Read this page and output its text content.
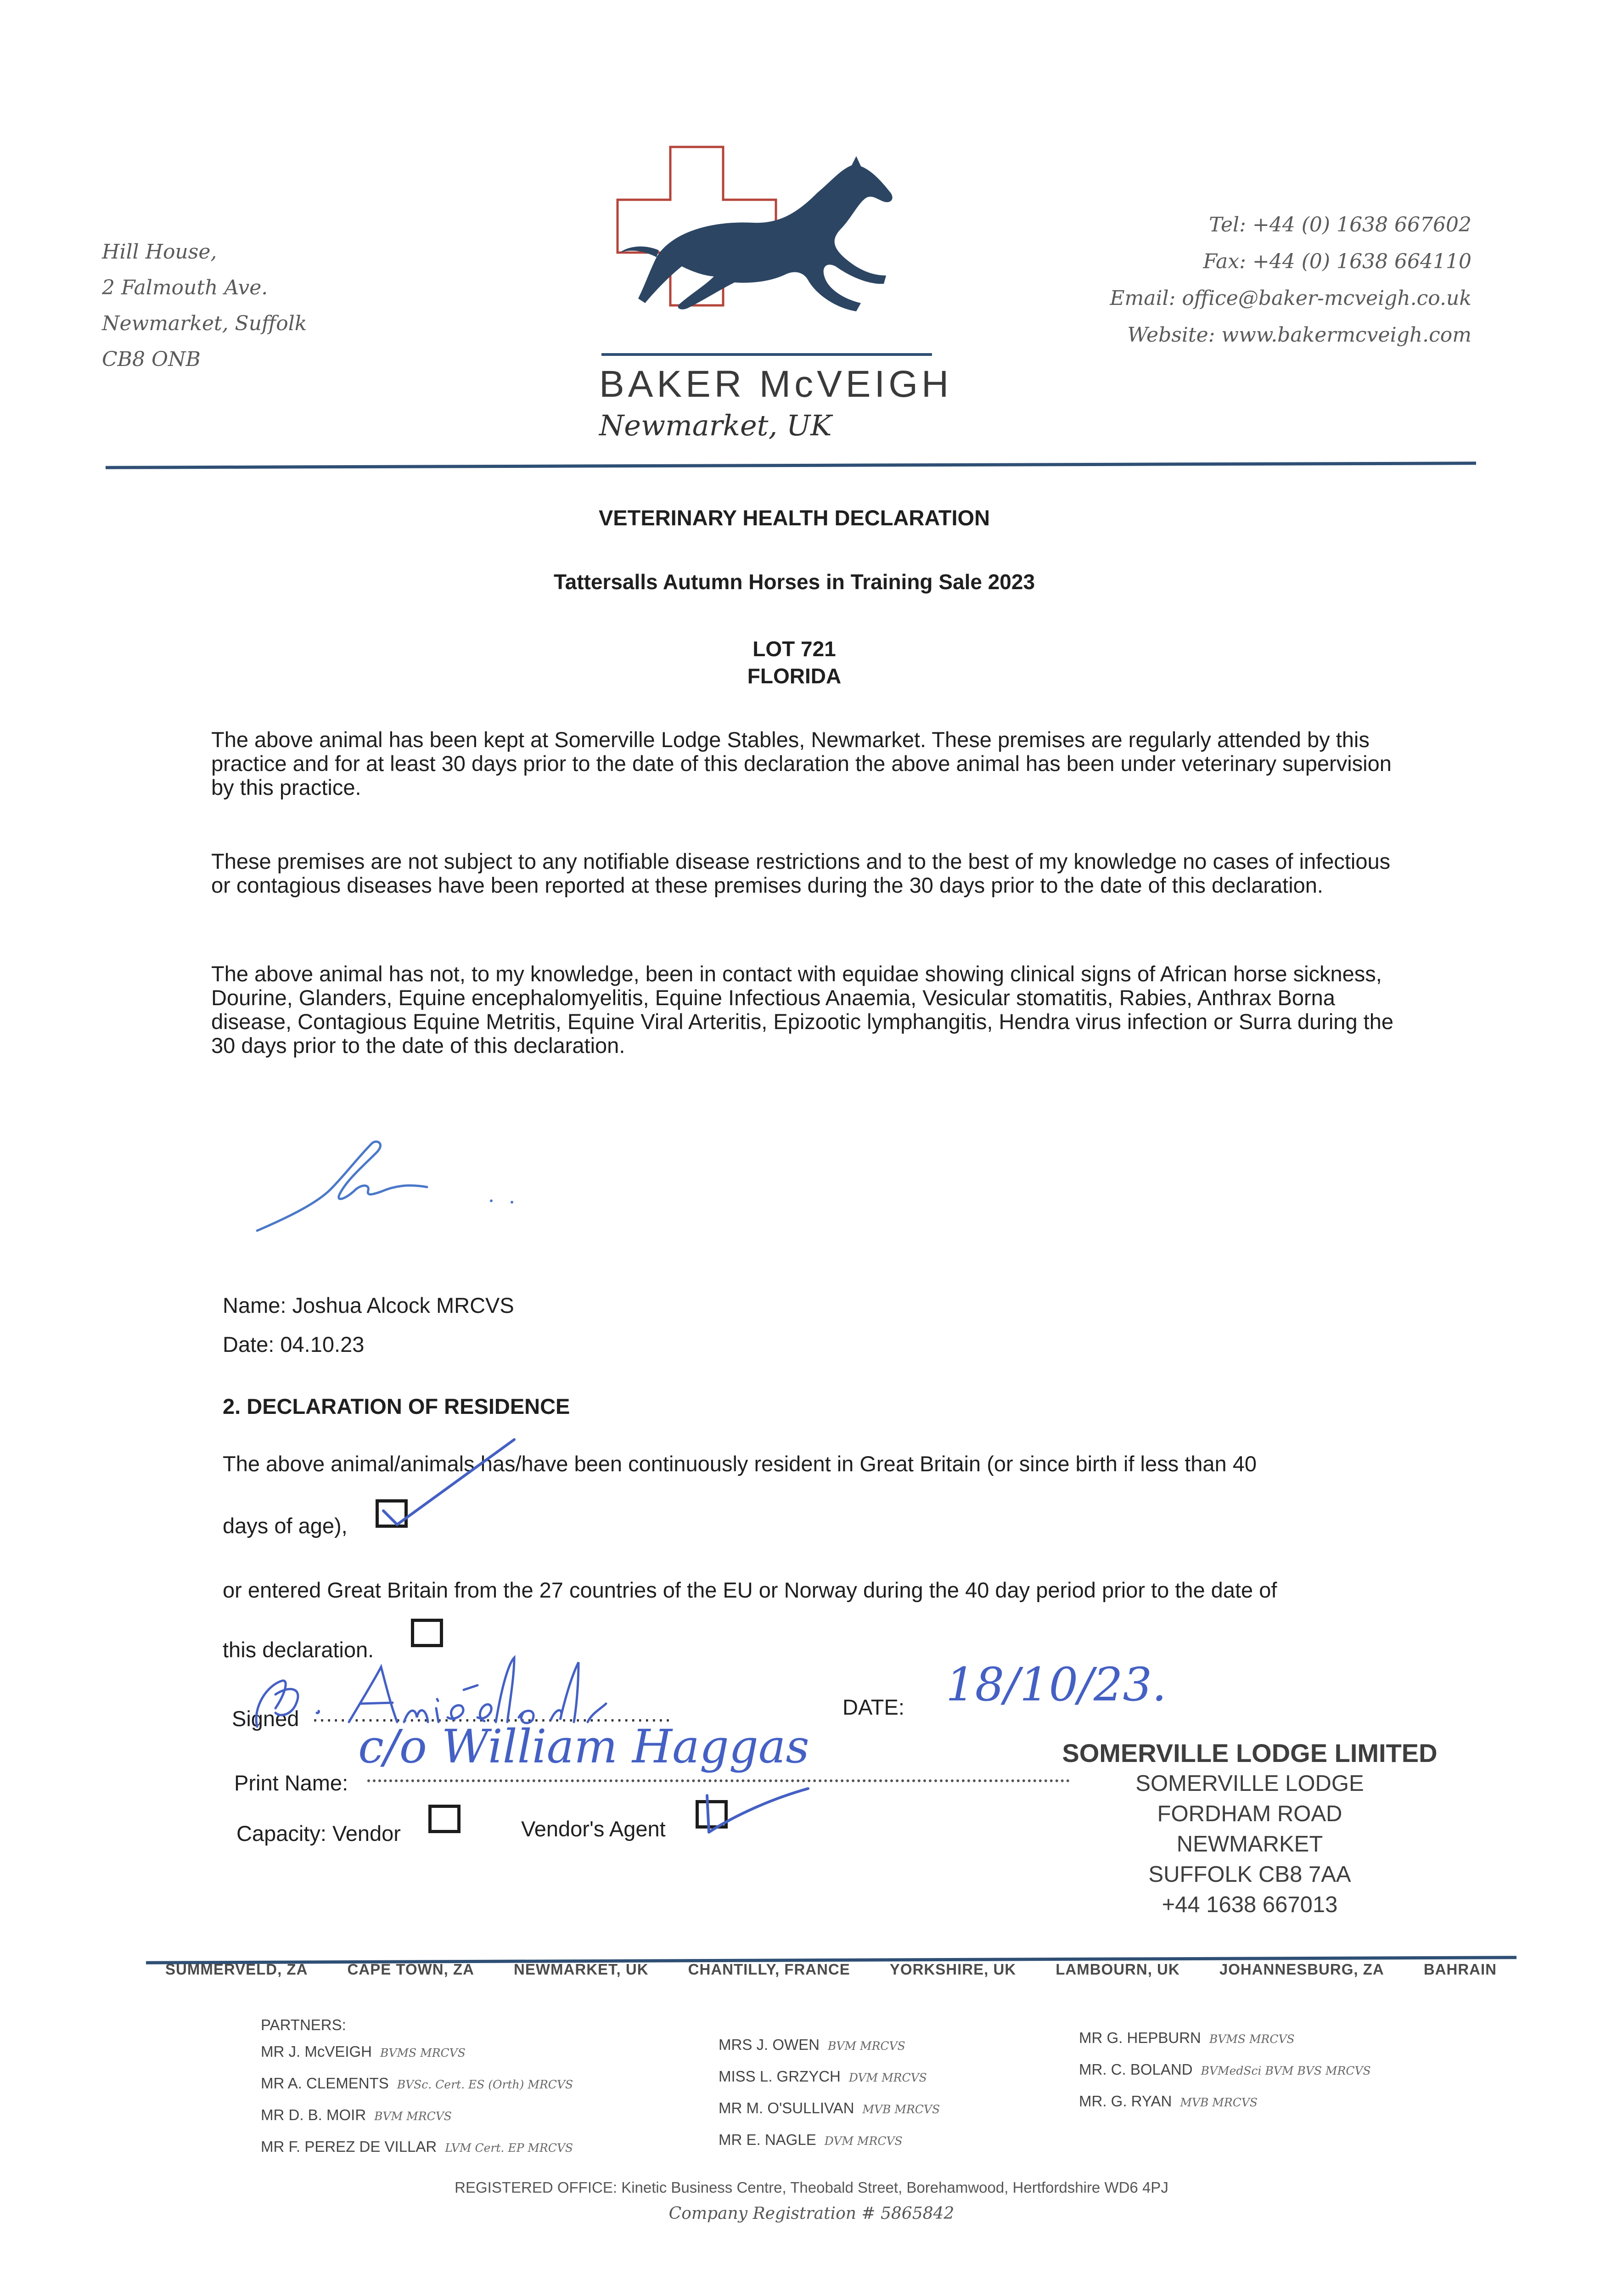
Hill House,
2 Falmouth Ave.
Newmarket, Suffolk
CB8 ONB
BAKER McVEIGH
Newmarket, UK
Tel: +44 (0) 1638 667602
Fax: +44 (0) 1638 664110
Email: office@baker-mcveigh.co.uk
Website: www.bakermcveigh.com
VETERINARY HEALTH DECLARATION
Tattersalls Autumn Horses in Training Sale 2023
LOT 721
FLORIDA
The above animal has been kept at Somerville Lodge Stables, Newmarket. These premises are regularly attended by this practice and for at least 30 days prior to the date of this declaration the above animal has been under veterinary supervision by this practice.
These premises are not subject to any notifiable disease restrictions and to the best of my knowledge no cases of infectious or contagious diseases have been reported at these premises during the 30 days prior to the date of this declaration.
The above animal has not, to my knowledge, been in contact with equidae showing clinical signs of African horse sickness, Dourine, Glanders, Equine encephalomyelitis, Equine Infectious Anaemia, Vesicular stomatitis, Rabies, Anthrax Borna disease, Contagious Equine Metritis, Equine Viral Arteritis, Epizootic lymphangitis, Hendra virus infection or Surra during the 30 days prior to the date of this declaration.
Name: Joshua Alcock MRCVS
Date: 04.10.23
2. DECLARATION OF RESIDENCE
The above animal/animals has/have been continuously resident in Great Britain (or since birth if less than 40
days of age),
or entered Great Britain from the 27 countries of the EU or Norway during the 40 day period prior to the date of
this declaration.
Signed ....................................................	DATE: 18/10/23.
Print Name:
c/o William Haggas
Capacity: Vendor	Vendor's Agent
SOMERVILLE LODGE LIMITED
SOMERVILLE LODGE
FORDHAM ROAD
NEWMARKET
SUFFOLK CB8 7AA
+44 1638 667013
SUMMERVELD, ZA	CAPE TOWN, ZA	NEWMARKET, UK	CHANTILLY, FRANCE	YORKSHIRE, UK	LAMBOURN, UK	JOHANNESBURG, ZA	BAHRAIN
PARTNERS:
MR J. McVEIGH BVMS MRCVS
MR A. CLEMENTS BVSc. Cert. ES (Orth) MRCVS
MR D. B. MOIR BVM MRCVS
MR F. PEREZ DE VILLAR LVM Cert. EP MRCVS
MRS J. OWEN BVM MRCVS
MISS L. GRZYCH DVM MRCVS
MR M. O'SULLIVAN MVB MRCVS
MR E. NAGLE DVM MRCVS
MR G. HEPBURN BVMS MRCVS
MR. C. BOLAND BVMedSci BVM BVS MRCVS
MR. G. RYAN MVB MRCVS
REGISTERED OFFICE: Kinetic Business Centre, Theobald Street, Borehamwood, Hertfordshire WD6 4PJ
Company Registration # 5865842
